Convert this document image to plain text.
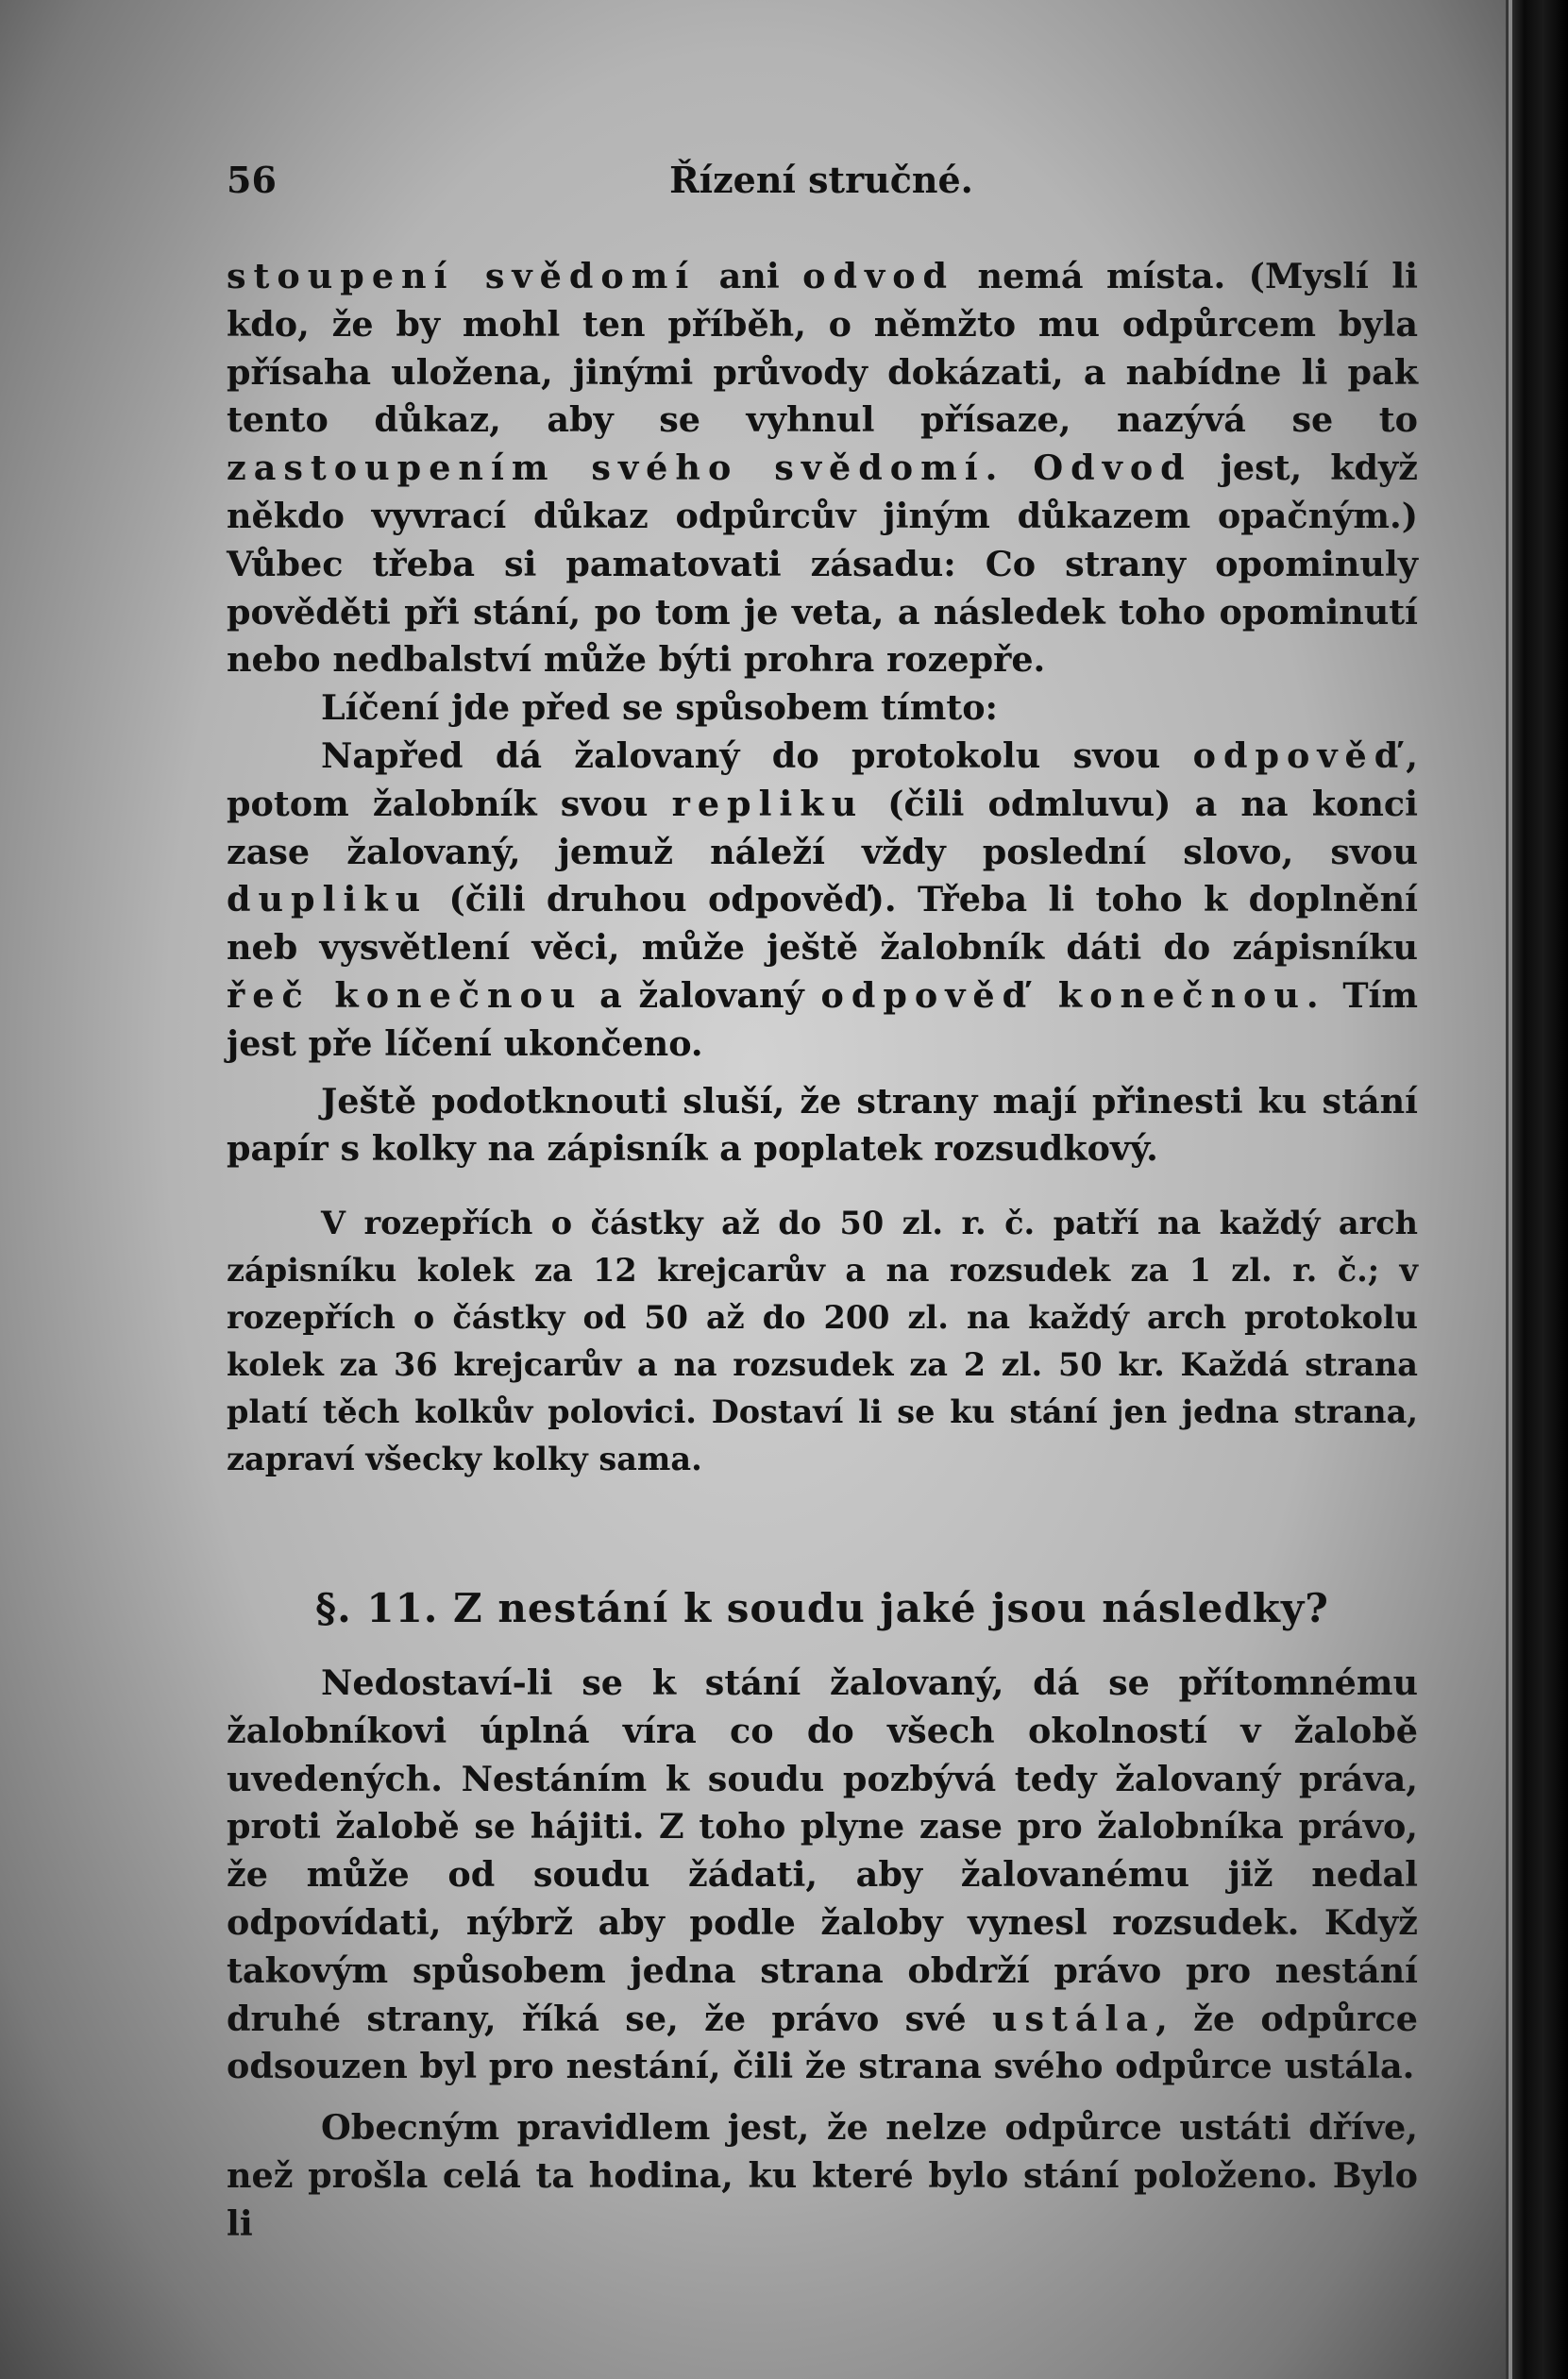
56	Řízení stručné.

stoupení svědomí ani odvod nemá místa. (Myslí li kdo, že by mohl ten příběh, o němžto mu odpůrcem byla přísaha uložena, jinými průvody dokázati, a nabídne li pak tento důkaz, aby se vyhnul přísaze, nazývá se to zastoupením svého svědomí. Odvod jest, když někdo vyvrací důkaz odpůrcův jiným důkazem opačným.) Vůbec třeba si pamatovati zásadu: Co strany opominuly pověděti při stání, po tom je veta, a následek toho opominutí nebo nedbalství může býti prohra rozepře.

Líčení jde před se spůsobem tímto:

Napřed dá žalovaný do protokolu svou odpověď, potom žalobník svou repliku (čili odmluvu) a na konci zase žalovaný, jemuž náleží vždy poslední slovo, svou dupliku (čili druhou odpověď). Třeba li toho k doplnění neb vysvětlení věci, může ještě žalobník dáti do zápisníku řeč konečnou a žalovaný odpověď konečnou. Tím jest pře líčení ukončeno.

Ještě podotknouti sluší, že strany mají přinesti ku stání papír s kolky na zápisník a poplatek rozsudkový.

V rozepřích o částky až do 50 zl. r. č. patří na každý arch zápisníku kolek za 12 krejcarův a na rozsudek za 1 zl. r. č.; v rozepřích o částky od 50 až do 200 zl. na každý arch protokolu kolek za 36 krejcarův a na rozsudek za 2 zl. 50 kr. Každá strana platí těch kolkův polovici. Dostaví li se ku stání jen jedna strana, zapraví všecky kolky sama.

§. 11. Z nestání k soudu jaké jsou následky?

Nedostaví-li se k stání žalovaný, dá se přítomnému žalobníkovi úplná víra co do všech okolností v žalobě uvedených. Nestáním k soudu pozbývá tedy žalovaný práva, proti žalobě se hájiti. Z toho plyne zase pro žalobníka právo, že může od soudu žádati, aby žalovanému již nedal odpovídati, nýbrž aby podle žaloby vynesl rozsudek. Když takovým spůsobem jedna strana obdrží právo pro nestání druhé strany, říká se, že právo své ustála, že odpůrce odsouzen byl pro nestání, čili že strana svého odpůrce ustála.

Obecným pravidlem jest, že nelze odpůrce ustáti dříve, než prošla celá ta hodina, ku které bylo stání položeno. Bylo li
